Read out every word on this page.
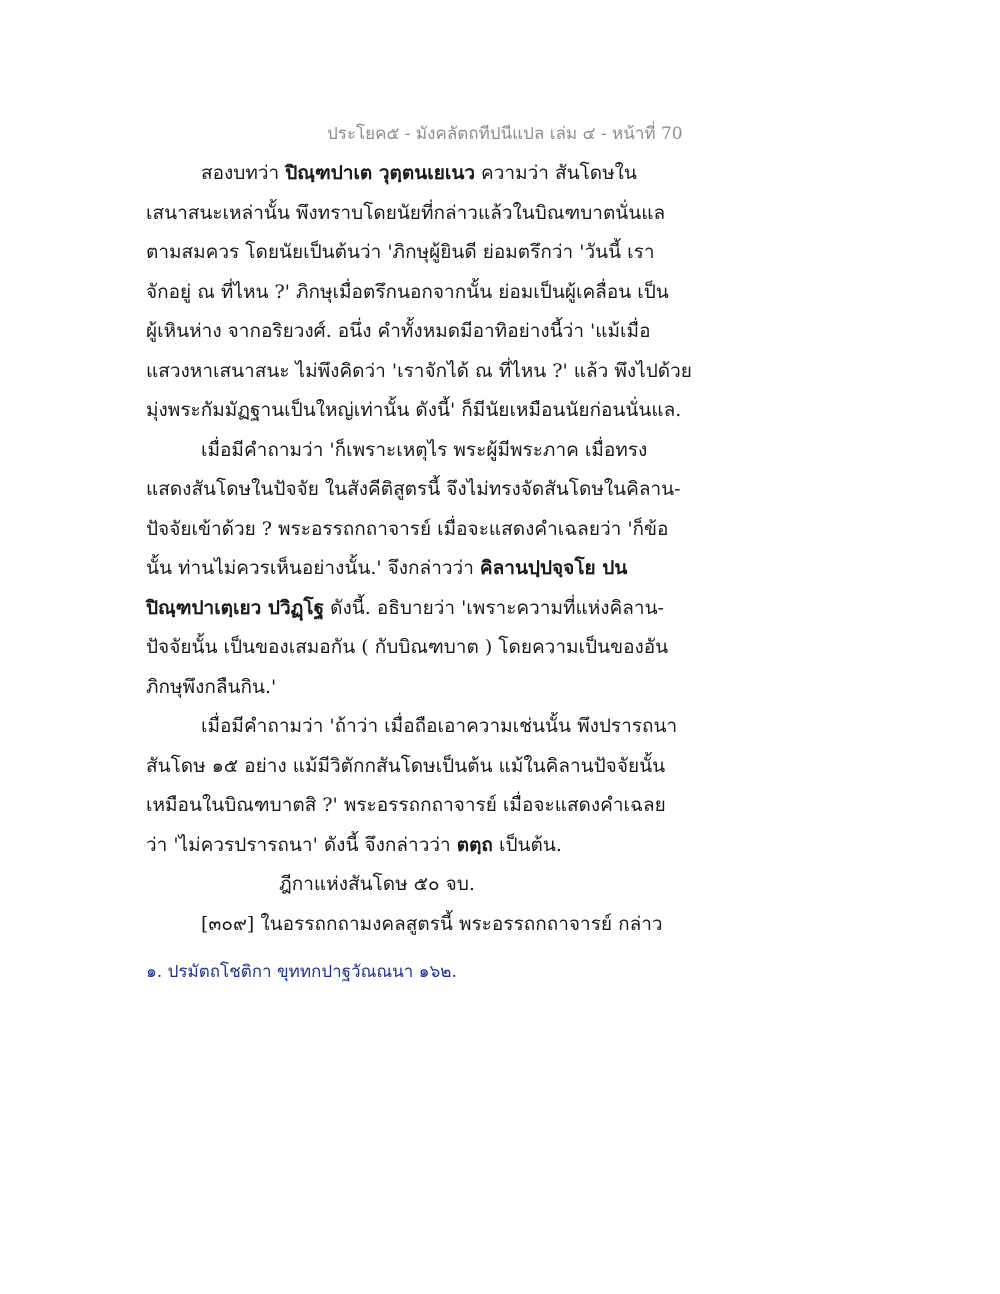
ประโยค๕ - มังคลัตถทีปนีแปล เล่ม ๔ - หน้าที่ 70
สองบทว่า ปิณฺฑปาเต วุตฺตนเยเนว ความว่า สันโดษใน
เสนาสนะเหล่านั้น พึงทราบโดยนัยที่กล่าวแล้วในบิณฑบาตนั่นแล
ตามสมควร โดยนัยเป็นต้นว่า 'ภิกษุผู้ยินดี ย่อมตรึกว่า 'วันนี้ เรา
จักอยู่ ณ ที่ไหน ?' ภิกษุเมื่อตรึกนอกจากนั้น ย่อมเป็นผู้เคลื่อน เป็น
ผู้เหินห่าง จากอริยวงศ์. อนึ่ง คำทั้งหมดมีอาทิอย่างนี้ว่า 'แม้เมื่อ
แสวงหาเสนาสนะ ไม่พึงคิดว่า 'เราจักได้ ณ ที่ไหน ?' แล้ว พึงไปด้วย
มุ่งพระกัมมัฏฐานเป็นใหญ่เท่านั้น ดังนี้' ก็มีนัยเหมือนนัยก่อนนั่นแล.
เมื่อมีคำถามว่า 'ก็เพราะเหตุไร พระผู้มีพระภาค เมื่อทรง
แสดงสันโดษในปัจจัย ในสังคีติสูตรนี้ จึงไม่ทรงจัดสันโดษในคิลาน-
ปัจจัยเข้าด้วย ? พระอรรถกถาจารย์ เมื่อจะแสดงคำเฉลยว่า 'ก็ข้อ
นั้น ท่านไม่ควรเห็นอย่างนั้น.' จึงกล่าวว่า คิลานปฺปจฺจโย ปน
ปิณฺฑปาเตฺเยว ปวิฏฺโฐ ดังนี้. อธิบายว่า 'เพราะความที่แห่งคิลาน-
ปัจจัยนั้น เป็นของเสมอกัน ( กับบิณฑบาต ) โดยความเป็นของอัน
ภิกษุพึงกลืนกิน.'
เมื่อมีคำถามว่า 'ถ้าว่า เมื่อถือเอาความเช่นนั้น พึงปรารถนา
สันโดษ ๑๕ อย่าง แม้มีวิตักกสันโดษเป็นต้น แม้ในคิลานปัจจัยนั้น
เหมือนในบิณฑบาตสิ ?' พระอรรถกถาจารย์ เมื่อจะแสดงคำเฉลย
ว่า 'ไม่ควรปรารถนา' ดังนี้ จึงกล่าวว่า ตตฺถ เป็นต้น.
ฎีกาแห่งสันโดษ ๕๐ จบ.
[๓๐๙] ในอรรถกถามงคลสูตรนี้ พระอรรถกถาจารย์ กล่าว
๑. ปรมัตถโชติกา ขุททกปาฐวัณณนา ๑๖๒.
